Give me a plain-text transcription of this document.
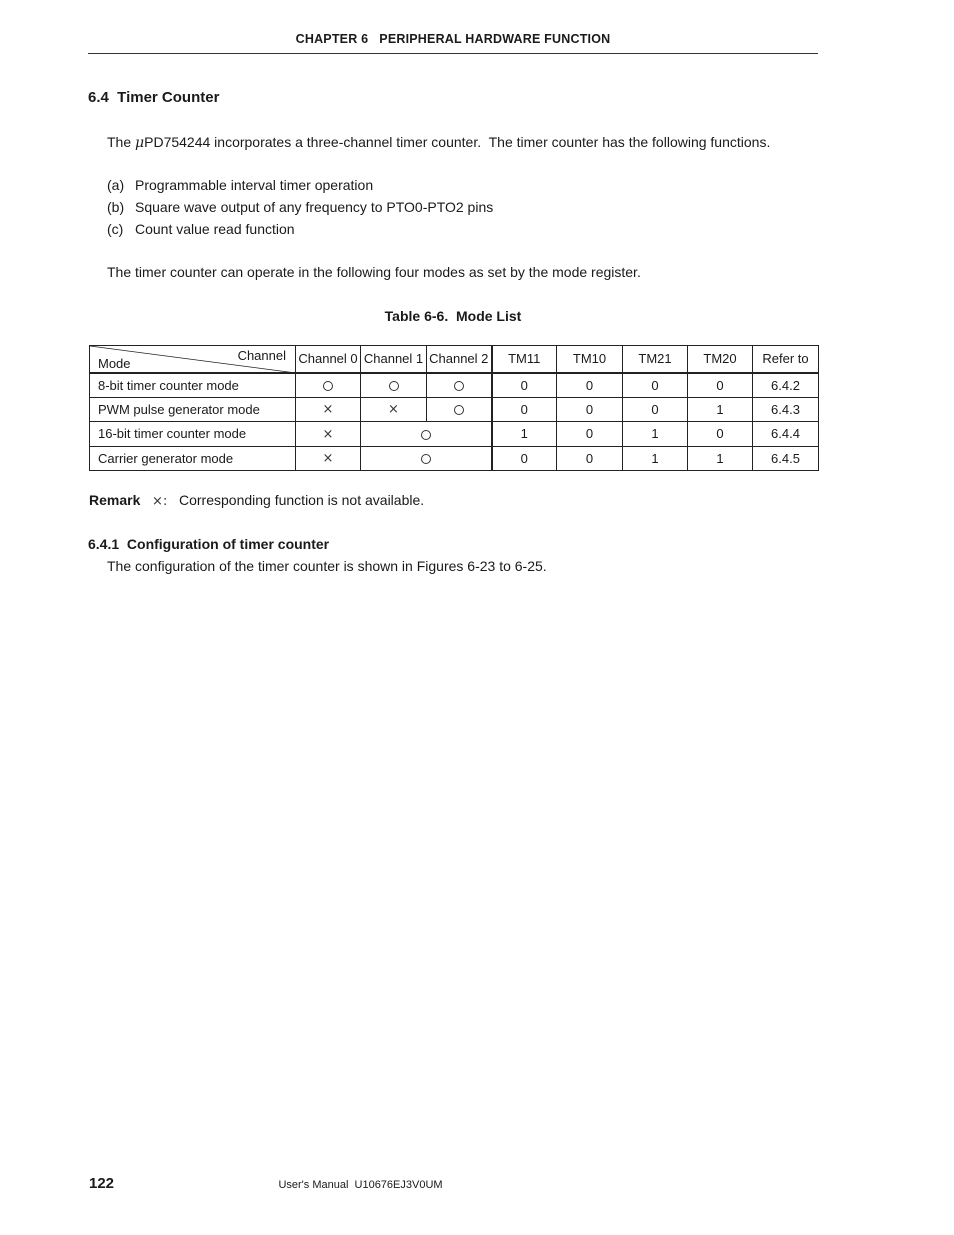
CHAPTER 6   PERIPHERAL HARDWARE FUNCTION
6.4  Timer Counter
The μPD754244 incorporates a three-channel timer counter.  The timer counter has the following functions.
(a) Programmable interval timer operation
(b) Square wave output of any frequency to PTO0-PTO2 pins
(c) Count value read function
The timer counter can operate in the following four modes as set by the mode register.
Table 6-6.  Mode List
Channel
Mode	Channel 0	Channel 1	Channel 2	TM11	TM10	TM21	TM20	Refer to
8-bit timer counter mode				0	0	0	0	6.4.2
PWM pulse generator mode	×	×		0	0	0	1	6.4.3
16-bit timer counter mode	×			1	0	1	0	6.4.4
Carrier generator mode	×			0	0	1	1	6.4.5
Remark ×: Corresponding function is not available.
6.4.1  Configuration of timer counter
The configuration of the timer counter is shown in Figures 6-23 to 6-25.
122	User's Manual  U10676EJ3V0UM
